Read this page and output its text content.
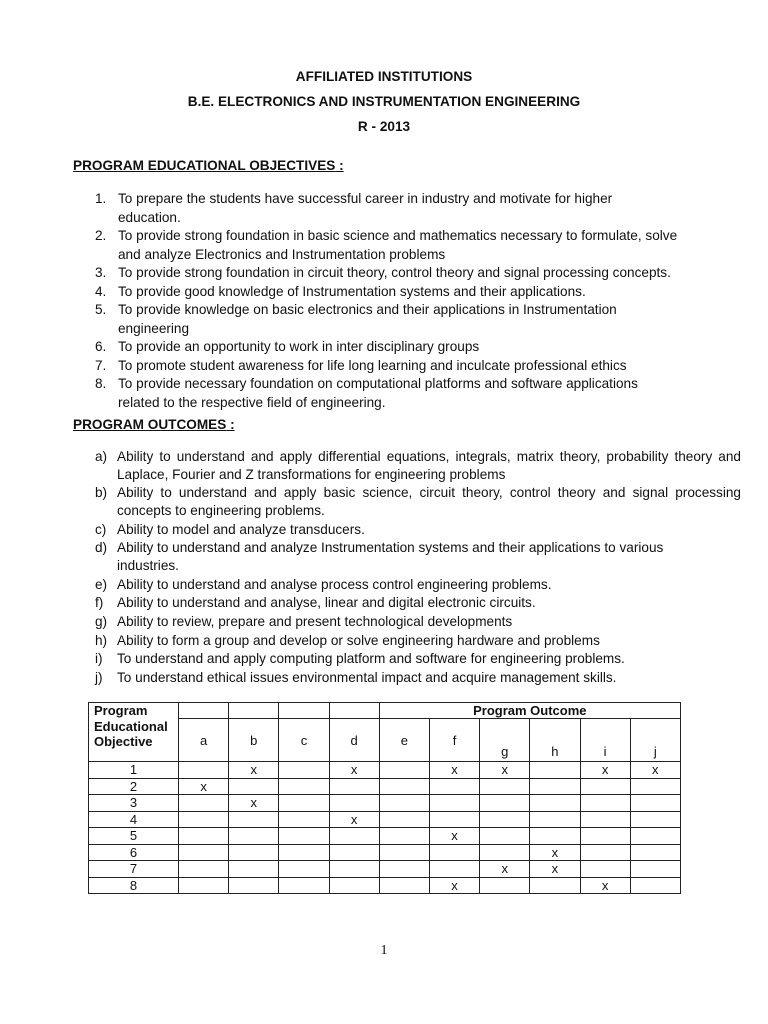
AFFILIATED INSTITUTIONS
B.E. ELECTRONICS AND INSTRUMENTATION ENGINEERING
R - 2013
PROGRAM EDUCATIONAL OBJECTIVES :
1. To prepare the students have successful career in industry and motivate for higher
education.
2. To provide strong foundation in basic science and mathematics necessary to formulate, solve
and analyze Electronics and Instrumentation problems
3. To provide strong foundation in circuit theory, control theory and signal processing concepts.
4. To provide good knowledge of Instrumentation systems and their applications.
5. To provide knowledge on basic electronics and their applications in Instrumentation
engineering
6. To provide an opportunity to work in inter disciplinary groups
7. To promote student awareness for life long learning and inculcate professional ethics
8. To provide necessary foundation on computational platforms and software applications
related to the respective field of engineering.
PROGRAM OUTCOMES :
a) Ability to understand and apply differential equations, integrals, matrix theory, probability theory and
Laplace, Fourier and Z transformations for engineering problems
b) Ability to understand and apply basic science, circuit theory, control theory and signal processing
concepts to engineering problems.
c) Ability to model and analyze transducers.
d) Ability to understand and analyze Instrumentation systems and their applications to various
industries.
e) Ability to understand and analyse process control engineering problems.
f) Ability to understand and analyse, linear and digital electronic circuits.
g) Ability to review, prepare and present technological developments
h) Ability to form a group and develop or solve engineering hardware and problems
i) To understand and apply computing platform and software for engineering problems.
j) To understand ethical issues environmental impact and acquire management skills.
Program
Educational
Objective					Program Outcome					
	a	b	c	d	e	f	g	h	i	j
1		x		x		x	x		x	x
2	x									
3		x								
4				x						
5						x				
6								x		
7							x	x		
8						x			x	
1
